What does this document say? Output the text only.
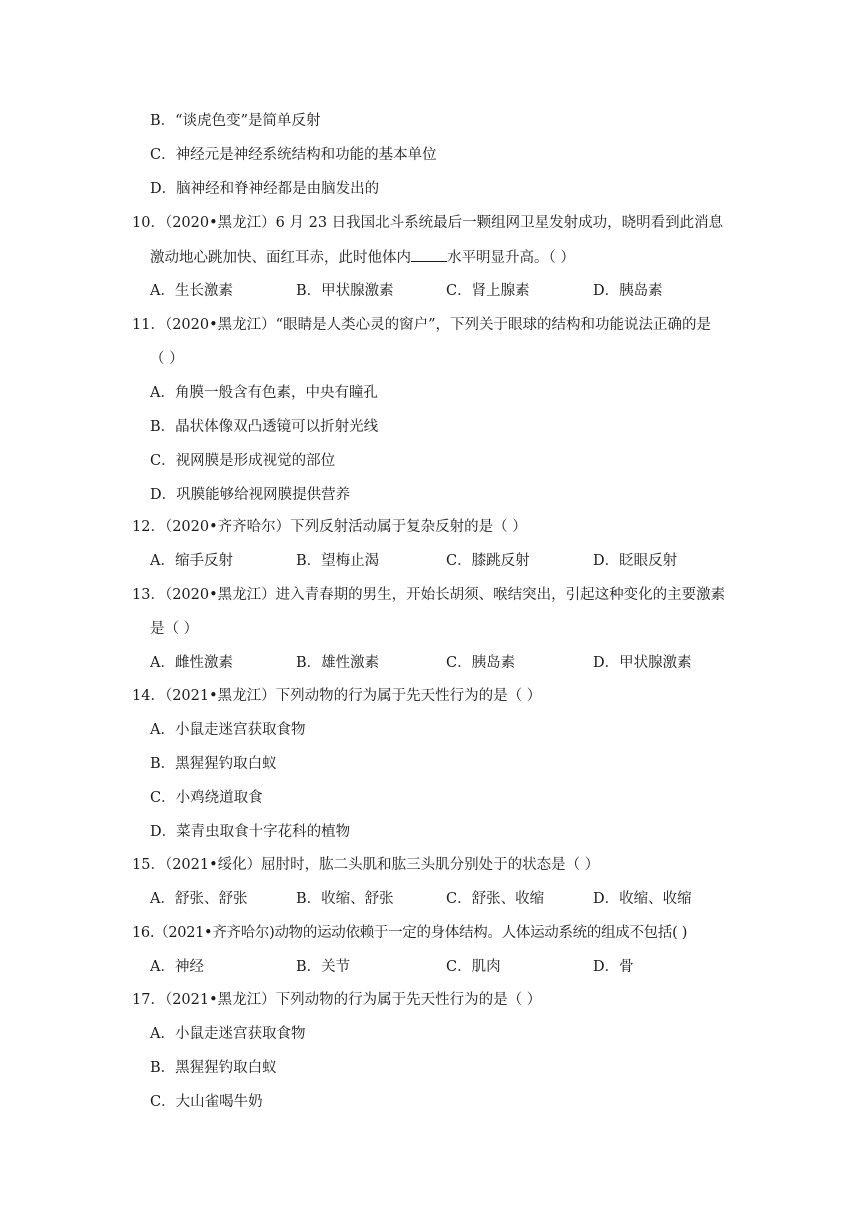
B．“谈虎色变”是简单反射
C．神经元是神经系统结构和功能的基本单位
D．脑神经和脊神经都是由脑发出的
10．（2020•黑龙江）6 月 23 日我国北斗系统最后一颗组网卫星发射成功，晓明看到此消息
激动地心跳加快、面红耳赤，此时他体内 水平明显升高。（ ）
A．生长激素	B．甲状腺激素	C．肾上腺素	D．胰岛素
11．（2020•黑龙江）“眼睛是人类心灵的窗户”，下列关于眼球的结构和功能说法正确的是
（ ）
A．角膜一般含有色素，中央有瞳孔
B．晶状体像双凸透镜可以折射光线
C．视网膜是形成视觉的部位
D．巩膜能够给视网膜提供营养
12．（2020•齐齐哈尔）下列反射活动属于复杂反射的是（ ）
A．缩手反射	B．望梅止渴	C．膝跳反射	D．眨眼反射
13．（2020•黑龙江）进入青春期的男生，开始长胡须、喉结突出，引起这种变化的主要激素
是（ ）
A．雌性激素	B．雄性激素	C．胰岛素	D．甲状腺激素
14．（2021•黑龙江）下列动物的行为属于先天性行为的是（ ）
A．小鼠走迷宫获取食物
B．黑猩猩钓取白蚁
C．小鸡绕道取食
D．菜青虫取食十字花科的植物
15．（2021•绥化）屈肘时，肱二头肌和肱三头肌分别处于的状态是（ ）
A．舒张、舒张	B．收缩、舒张	C．舒张、收缩	D．收缩、收缩
16.（2021•齐齐哈尔)动物的运动依赖于一定的身体结构。人体运动系统的组成不包括( )
A．神经	B．关节	C．肌肉	D．骨
17．（2021•黑龙江）下列动物的行为属于先天性行为的是（ ）
A．小鼠走迷宫获取食物
B．黑猩猩钓取白蚁
C．大山雀喝牛奶
